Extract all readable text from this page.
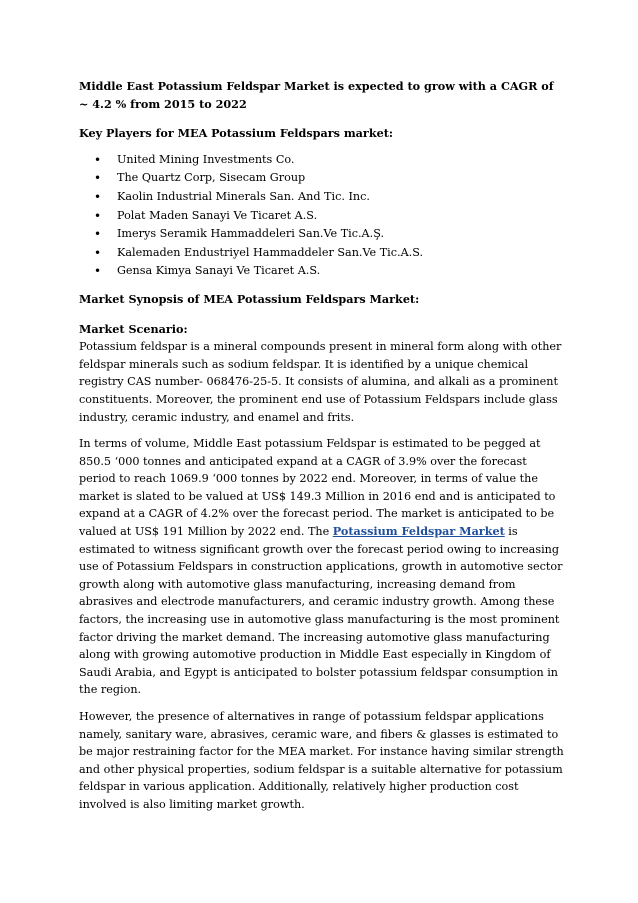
Middle East Potassium Feldspar Market is expected to grow with a CAGR of ~ 4.2 % from 2015 to 2022

Key Players for MEA Potassium Feldspars market:

• United Mining Investments Co.
• The Quartz Corp, Sisecam Group
• Kaolin Industrial Minerals San. And Tic. Inc.
• Polat Maden Sanayi Ve Ticaret A.S.
• Imerys Seramik Hammaddeleri San.Ve Tic.A.Ş.
• Kalemaden Endustriyel Hammaddeler San.Ve Tic.A.S.
• Gensa Kimya Sanayi Ve Ticaret A.S.

Market Synopsis of MEA Potassium Feldspars Market:

Market Scenario:

Potassium feldspar is a mineral compounds present in mineral form along with other feldspar minerals such as sodium feldspar. It is identified by a unique chemical registry CAS number- 068476-25-5. It consists of alumina, and alkali as a prominent constituents. Moreover, the prominent end use of Potassium Feldspars include glass industry, ceramic industry, and enamel and frits.

In terms of volume, Middle East potassium Feldspar is estimated to be pegged at 850.5 ‘000 tonnes and anticipated expand at a CAGR of 3.9% over the forecast period to reach 1069.9 ‘000 tonnes by 2022 end. Moreover, in terms of value the market is slated to be valued at US$ 149.3 Million in 2016 end and is anticipated to expand at a CAGR of 4.2% over the forecast period. The market is anticipated to be valued at US$ 191 Million by 2022 end. The Potassium Feldspar Market is estimated to witness significant growth over the forecast period owing to increasing use of Potassium Feldspars in construction applications, growth in automotive sector growth along with automotive glass manufacturing, increasing demand from abrasives and electrode manufacturers, and ceramic industry growth. Among these factors, the increasing use in automotive glass manufacturing is the most prominent factor driving the market demand. The increasing automotive glass manufacturing along with growing automotive production in Middle East especially in Kingdom of Saudi Arabia, and Egypt is anticipated to bolster potassium feldspar consumption in the region.

However, the presence of alternatives in range of potassium feldspar applications namely, sanitary ware, abrasives, ceramic ware, and fibers & glasses is estimated to be major restraining factor for the MEA market. For instance having similar strength and other physical properties, sodium feldspar is a suitable alternative for potassium feldspar in various application. Additionally, relatively higher production cost involved is also limiting market growth.
